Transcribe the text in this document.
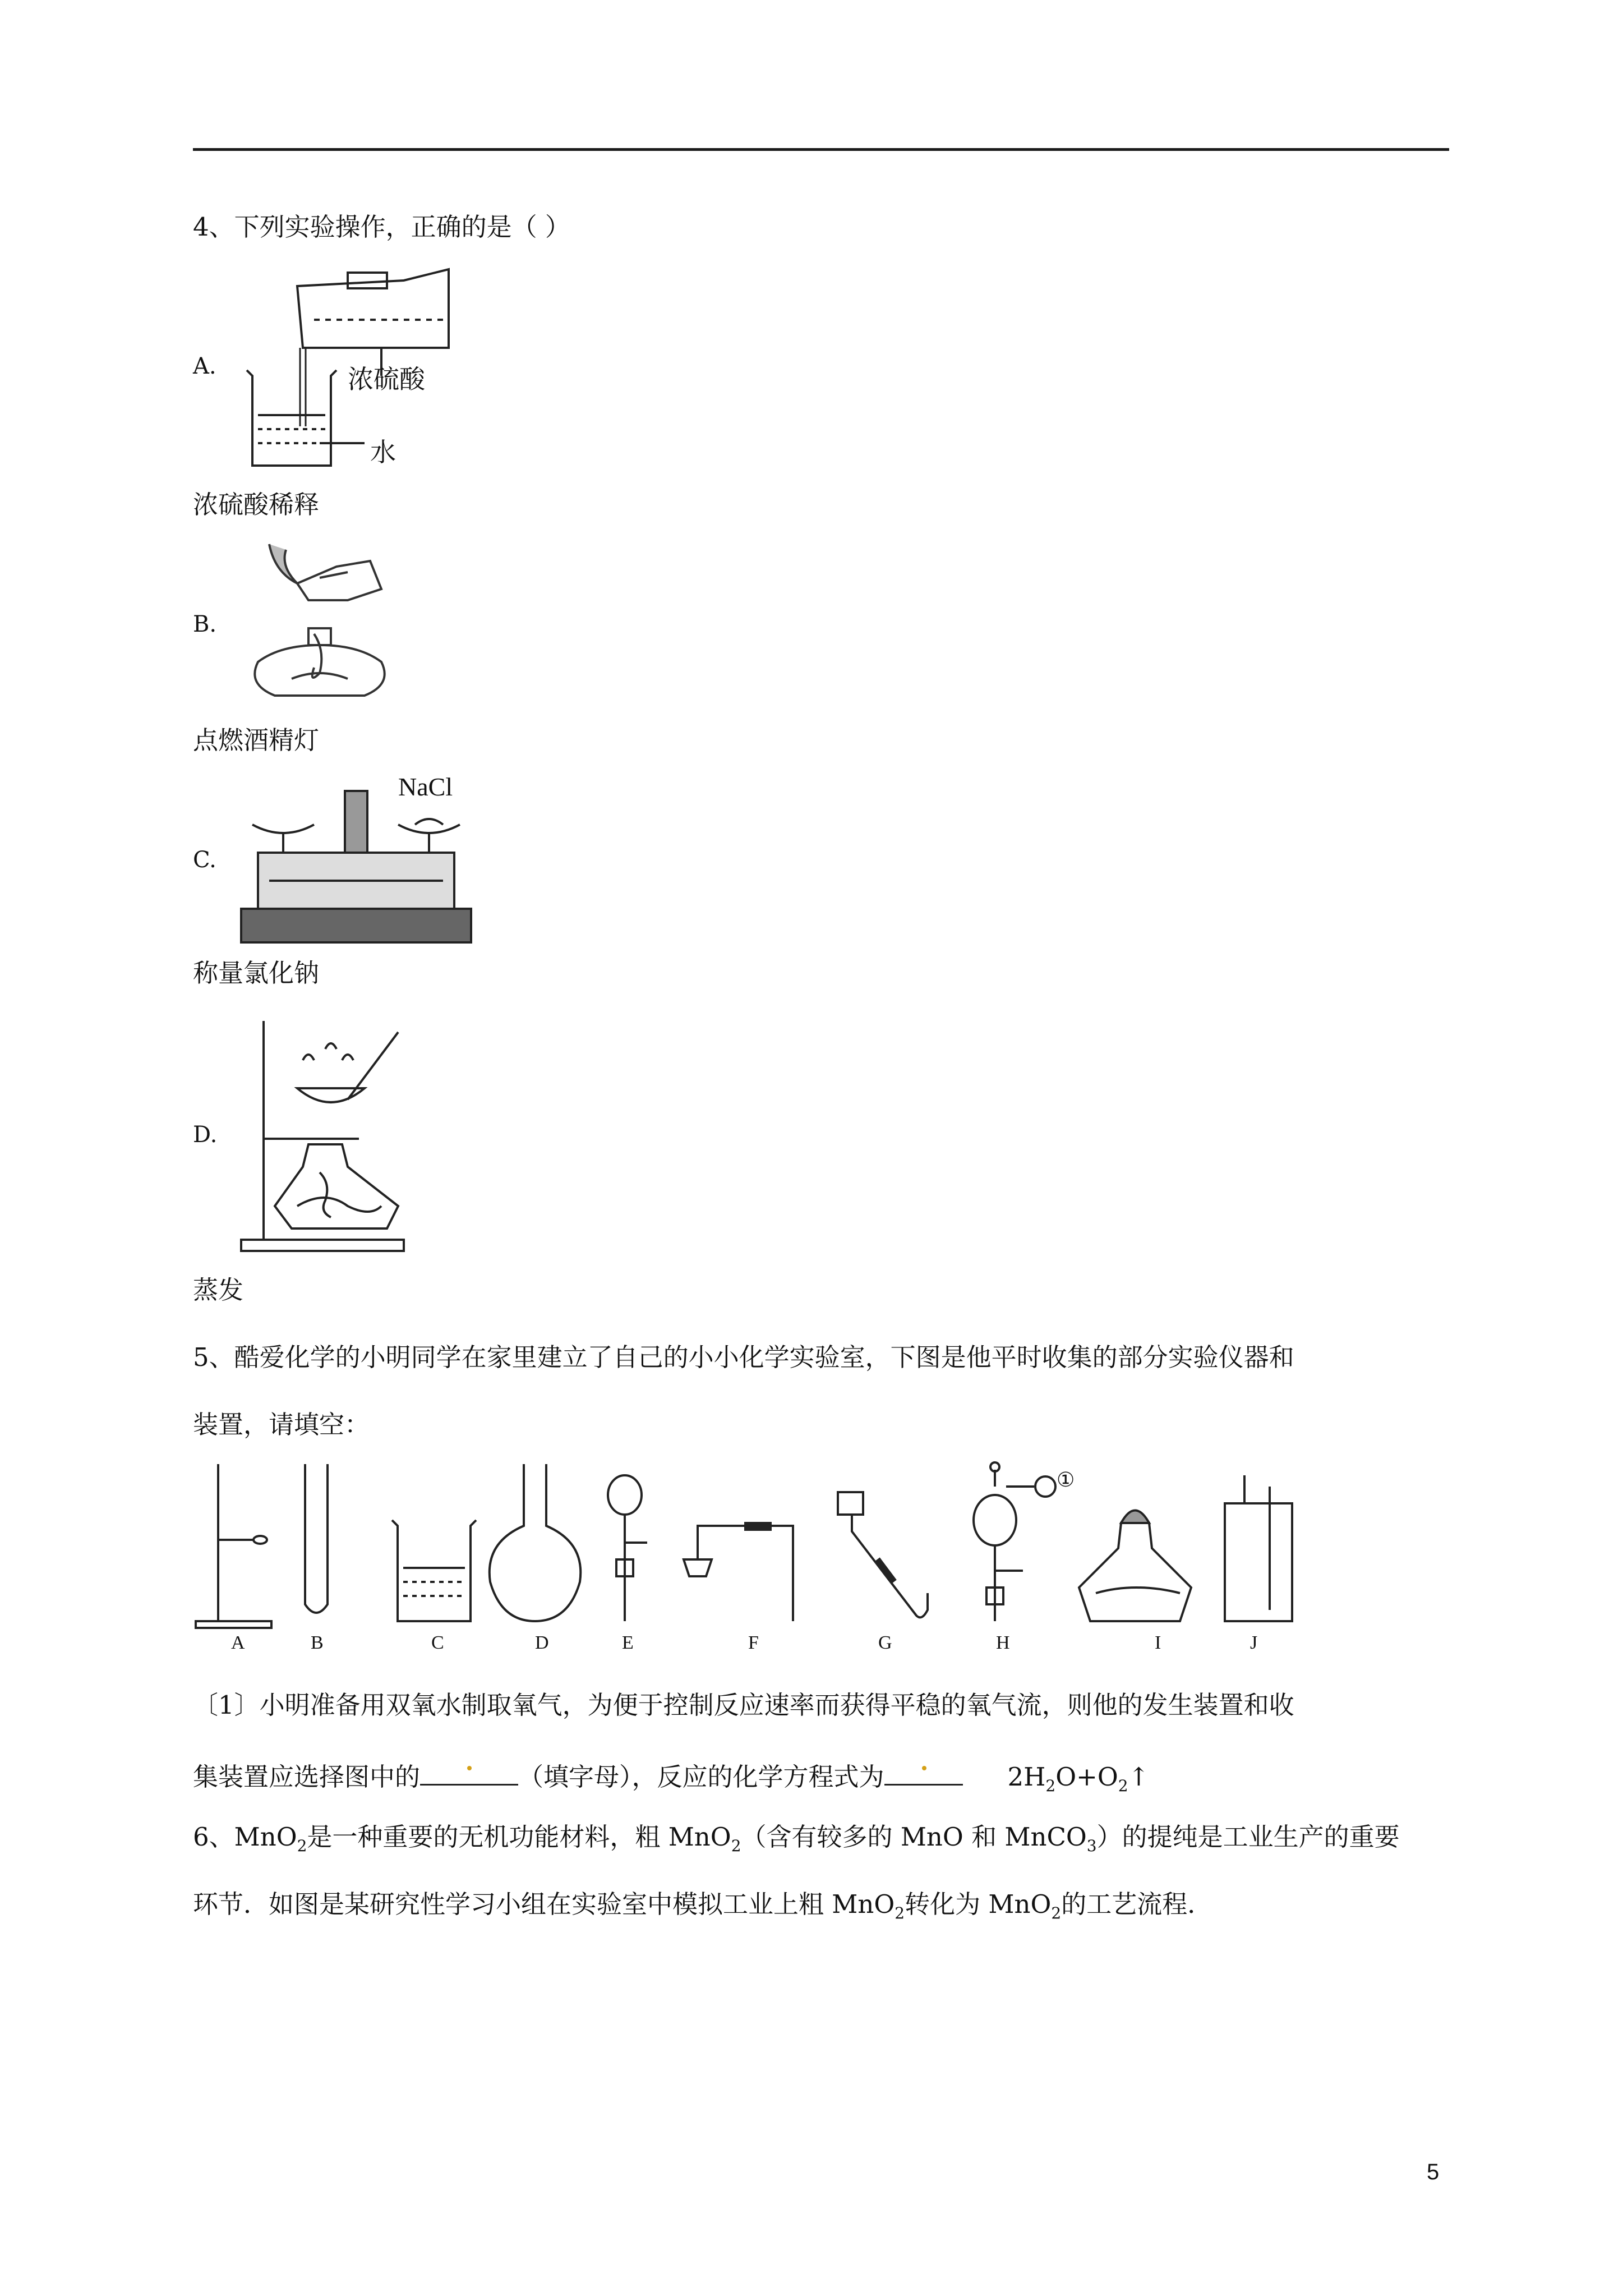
4、下列实验操作，正确的是（ ）
A.	浓硫酸
水
浓硫酸稀释
B.
点燃酒精灯
C.
NaCl
称量氯化钠
D.
蒸发
5、酷爱化学的小明同学在家里建立了自己的小小化学实验室，下图是他平时收集的部分实验仪器和
装置，请填空：
①
A	B	C	D	E	F	G	H	I	J
〔1〕小明准备用双氧水制取氧气，为便于控制反应速率而获得平稳的氧气流，则他的发生装置和收
集装置应选择图中的	（填字母），反应的化学方程式为	$2H_2O+O_2↑$
6、MnO$_2$是一种重要的无机功能材料，粗 MnO$_2$（含有较多的 MnO 和 MnCO$_3$）的提纯是工业生产的重要
环节．如图是某研究性学习小组在实验室中模拟工业上粗 MnO$_2$转化为 MnO$_2$的工艺流程．
5
